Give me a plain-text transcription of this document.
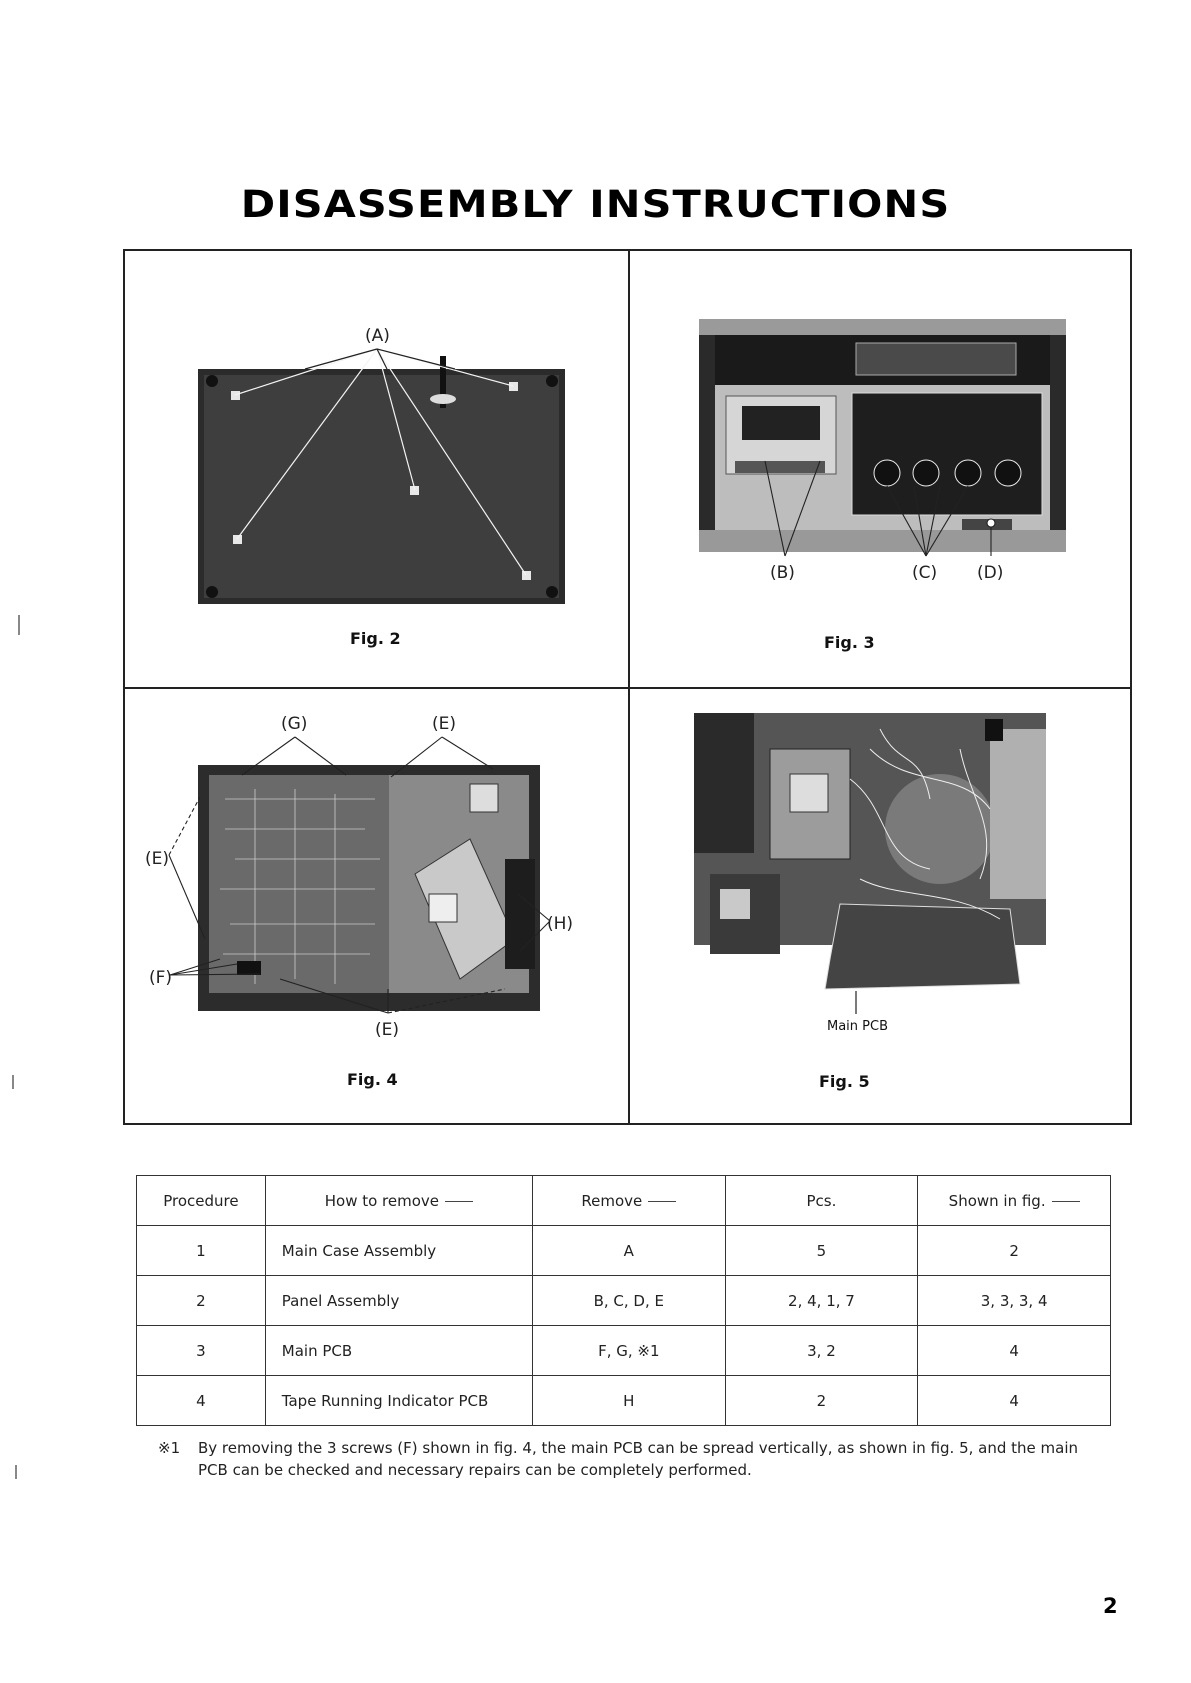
DISASSEMBLY INSTRUCTIONS
(A)
Fig. 2
(B)	(C) (D)
Fig. 3
(G)	(E)
(E)
(H)
(F)
(E)
Fig. 4
Main PCB
Fig. 5
Procedure	How to remove	Remove	Pcs.	Shown in fig.
1	Main Case Assembly	A	5	2
2	Panel Assembly	B, C, D, E	2, 4, 1, 7	3, 3, 3, 4
3	Main PCB	F, G, ※1	3, 2	4
4	Tape Running Indicator PCB	H	2	4
※1 By removing the 3 screws (F) shown in fig. 4, the main PCB can be spread vertically, as shown in fig. 5, and the main PCB can be checked and necessary repairs can be completely performed.
2
